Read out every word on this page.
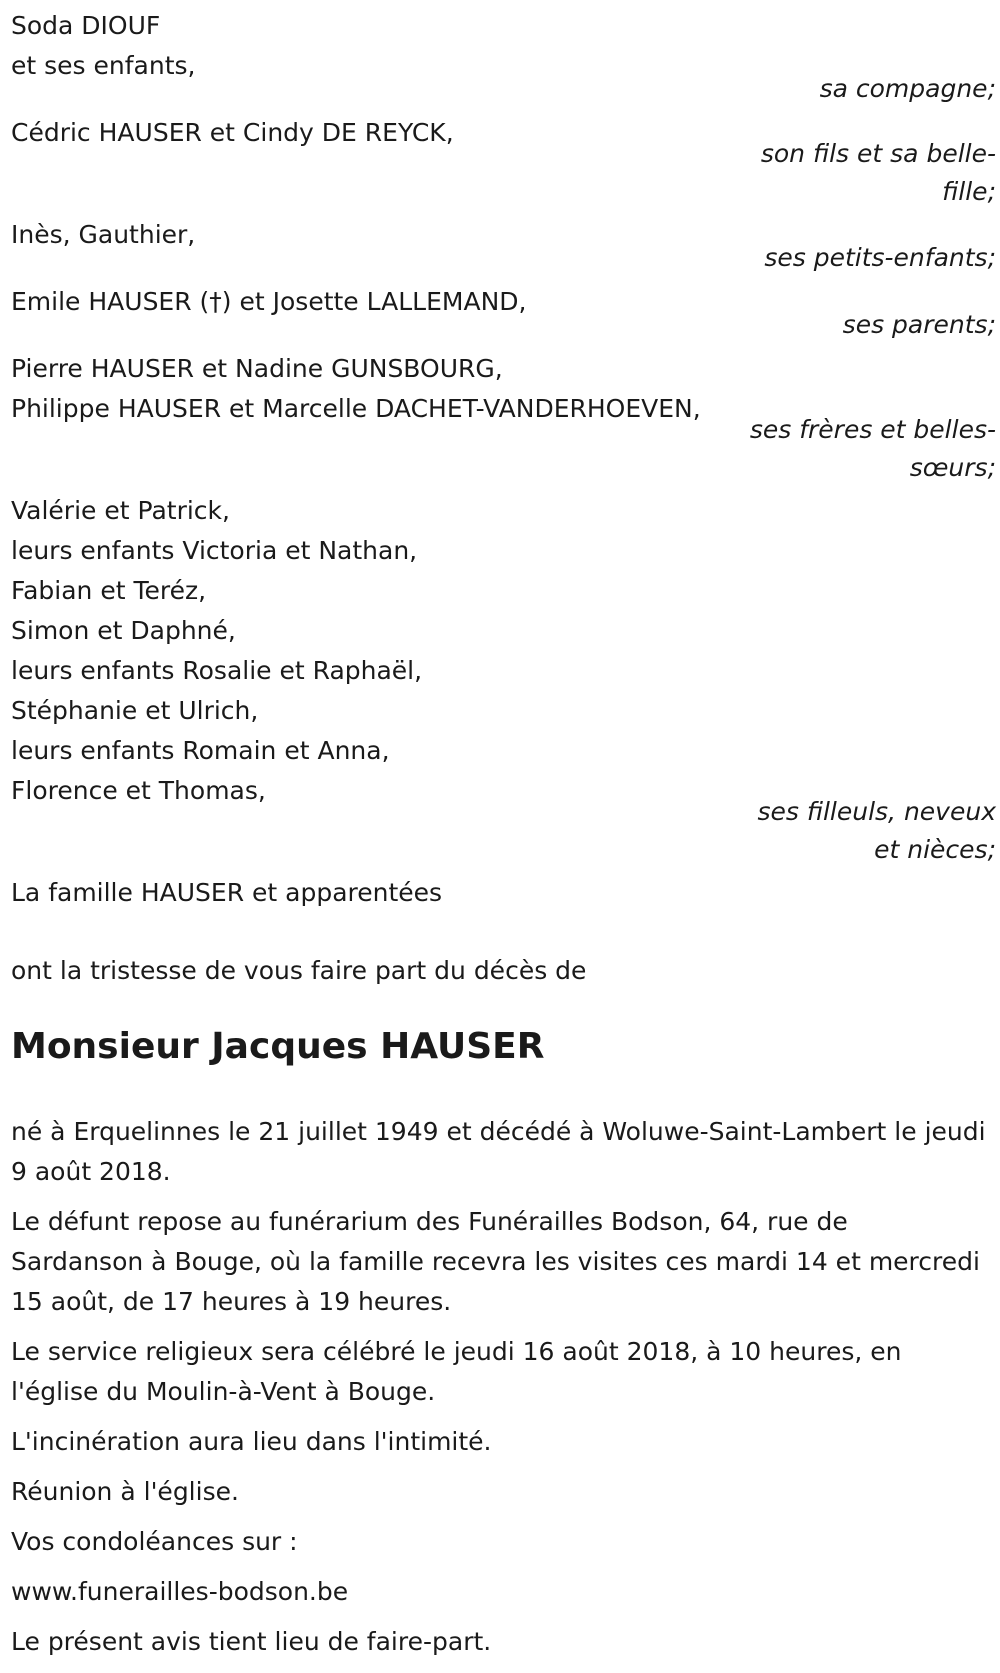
Soda DIOUF
et ses enfants,
sa compagne;
Cédric HAUSER et Cindy DE REYCK,
son fils et sa belle-
fille;
Inès, Gauthier,
ses petits-enfants;
Emile HAUSER (†) et Josette LALLEMAND,
ses parents;
Pierre HAUSER et Nadine GUNSBOURG,
Philippe HAUSER et Marcelle DACHET-VANDERHOEVEN,
ses frères et belles-
sœurs;
Valérie et Patrick,
leurs enfants Victoria et Nathan,
Fabian et Teréz,
Simon et Daphné,
leurs enfants Rosalie et Raphaël,
Stéphanie et Ulrich,
leurs enfants Romain et Anna,
Florence et Thomas,
ses filleuls, neveux
et nièces;
La famille HAUSER et apparentées
ont la tristesse de vous faire part du décès de
Monsieur Jacques HAUSER

né à Erquelinnes le 21 juillet 1949 et décédé à Woluwe-Saint-Lambert le jeudi 9 août 2018.

Le défunt repose au funérarium des Funérailles Bodson, 64, rue de Sardanson à Bouge, où la famille recevra les visites ces mardi 14 et mercredi 15 août, de 17 heures à 19 heures.

Le service religieux sera célébré le jeudi 16 août 2018, à 10 heures, en l'église du Moulin-à-Vent à Bouge.

L'incinération aura lieu dans l'intimité.

Réunion à l'église.

Vos condoléances sur :

www.funerailles-bodson.be

Le présent avis tient lieu de faire-part.
